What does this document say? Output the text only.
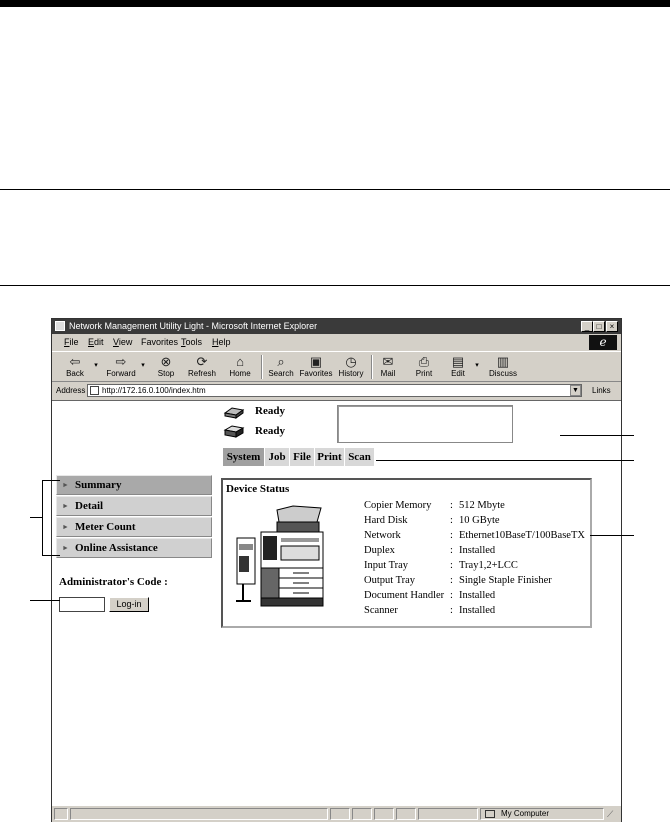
Network Management Utility Light - Microsoft Internet Explorer	_ □	×
File Edit View Favorites Tools Help	e
⇦
Back
▾	⇨
Forward
▾	⊗
Stop
⟳
Refresh
⌂
Home
⌕
Search
▣
Favorites
◷
History
✉
Mail
⎙
Print
▤
Edit
▾	▥
Discuss
Address	http://172.16.0.100/index.htm	▼ Links
Ready
Ready
System Job File Print Scan
► Summary
► Detail
► Meter Count
► Online Assistance
Administrator's Code :
Log-in
Device Status
Copier Memory : 512 Mbyte
Hard Disk	: 10 GByte
Network	: Ethernet10BaseT/100BaseTX
Duplex	: Installed
Input Tray	: Tray1,2+LCC
Output Tray	: Single Staple Finisher
Document Handler : Installed
Scanner	: Installed
My Computer	⟋
